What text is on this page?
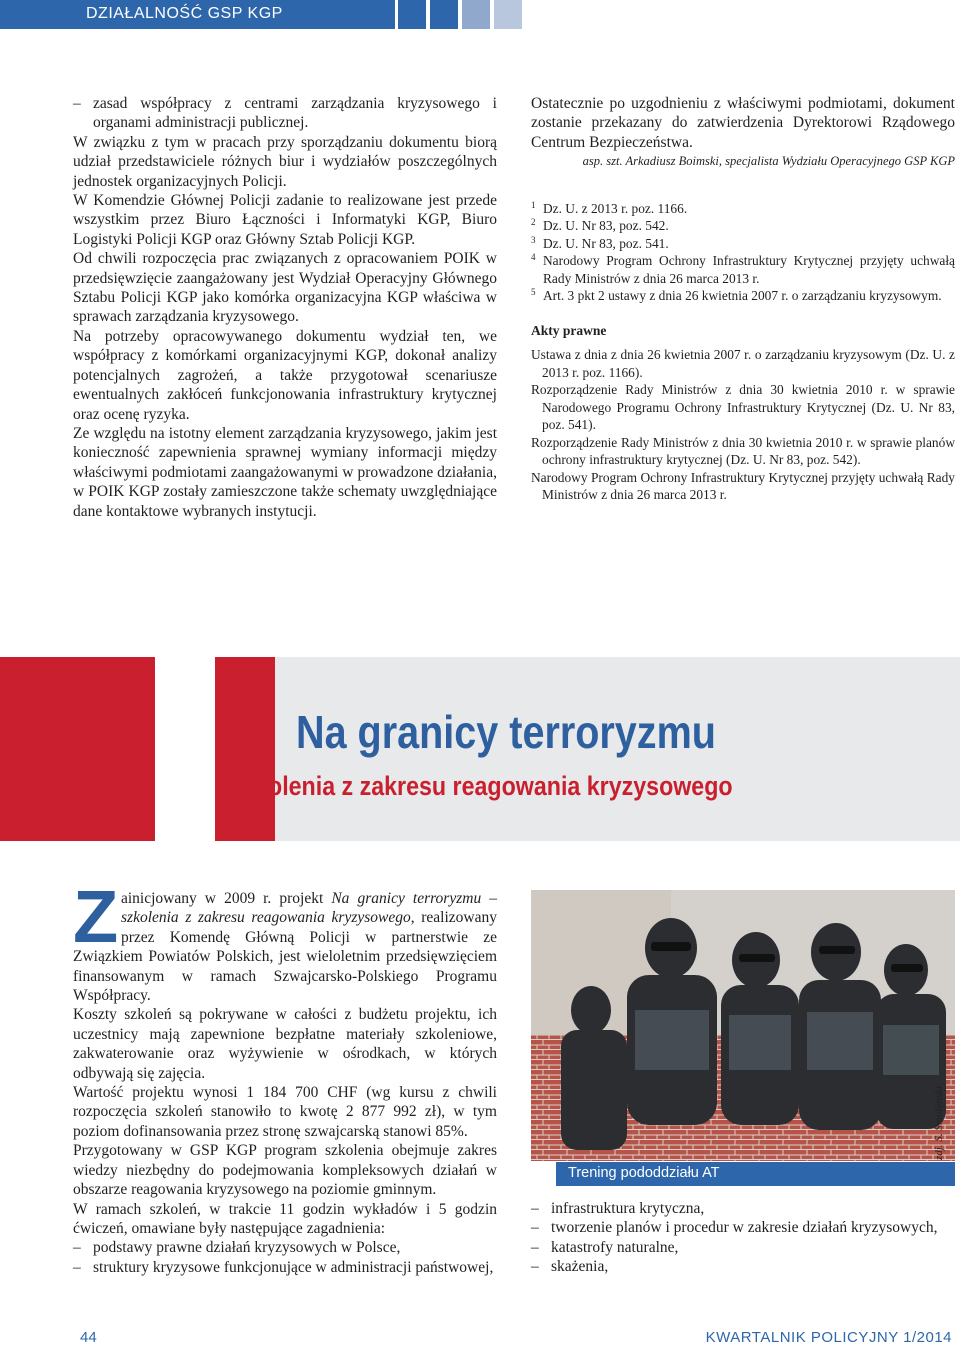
DZIAŁALNOŚĆ GSP KGP

– zasad współpracy z centrami zarządzania kryzysowego i organami administracji publicznej.

W związku z tym w pracach przy sporządzaniu dokumentu biorą udział przedstawiciele różnych biur i wydziałów poszczególnych jednostek organizacyjnych Policji.

W Komendzie Głównej Policji zadanie to realizowane jest przede wszystkim przez Biuro Łączności i Informatyki KGP, Biuro Logistyki Policji KGP oraz Główny Sztab Policji KGP.

Od chwili rozpoczęcia prac związanych z opracowaniem POIK w przedsięwzięcie zaangażowany jest Wydział Operacyjny Głównego Sztabu Policji KGP jako komórka organizacyjna KGP właściwa w sprawach zarządzania kryzysowego.

Na potrzeby opracowywanego dokumentu wydział ten, we współpracy z komórkami organizacyjnymi KGP, dokonał analizy potencjalnych zagrożeń, a także przygotował scenariusze ewentualnych zakłóceń funkcjonowania infrastruktury krytycznej oraz ocenę ryzyka.

Ze względu na istotny element zarządzania kryzysowego, jakim jest konieczność zapewnienia sprawnej wymiany informacji między właściwymi podmiotami zaangażowanymi w prowadzone działania, w POIK KGP zostały zamieszczone także schematy uwzględniające dane kontaktowe wybranych instytucji.

Ostatecznie po uzgodnieniu z właściwymi podmiotami, dokument zostanie przekazany do zatwierdzenia Dyrektorowi Rządowego Centrum Bezpieczeństwa.

asp. szt. Arkadiusz Boimski, specjalista Wydziału Operacyjnego GSP KGP

1 Dz. U. z 2013 r. poz. 1166.

2 Dz. U. Nr 83, poz. 542.

3 Dz. U. Nr 83, poz. 541.

4 Narodowy Program Ochrony Infrastruktury Krytycznej przyjęty uchwałą Rady Ministrów z dnia 26 marca 2013 r.

5 Art. 3 pkt 2 ustawy z dnia 26 kwietnia 2007 r. o zarządzaniu kryzysowym.

Akty prawne

Ustawa z dnia z dnia 26 kwietnia 2007 r. o zarządzaniu kryzysowym (Dz. U. z 2013 r. poz. 1166).

Rozporządzenie Rady Ministrów z dnia 30 kwietnia 2010 r. w sprawie Narodowego Programu Ochrony Infrastruktury Krytycznej (Dz. U. Nr 83, poz. 541).

Rozporządzenie Rady Ministrów z dnia 30 kwietnia 2010 r. w sprawie planów ochrony infrastruktury krytycznej (Dz. U. Nr 83, poz. 542).

Narodowy Program Ochrony Infrastruktury Krytycznej przyjęty uchwałą Rady Ministrów z dnia 26 marca 2013 r.

Na granicy terroryzmu
Szkolenia z zakresu reagowania kryzysowego
Z ainicjowany w 2009 r. projekt Na granicy terroryzmu – szkolenia z zakresu reagowania kryzysowego, realizowany przez Komendę Główną Policji w partnerstwie ze Związkiem Powiatów Polskich, jest wieloletnim przedsięwzięciem finansowanym w ramach Szwajcarsko-Polskiego Programu Współpracy.

Koszty szkoleń są pokrywane w całości z budżetu projektu, ich uczestnicy mają zapewnione bezpłatne materiały szkoleniowe, zakwaterowanie oraz wyżywienie w ośrodkach, w których odbywają się zajęcia.

Wartość projektu wynosi 1 184 700 CHF (wg kursu z chwili rozpoczęcia szkoleń stanowiło to kwotę 2 877 992 zł), w tym poziom dofinansowania przez stronę szwajcarską stanowi 85%.

Przygotowany w GSP KGP program szkolenia obejmuje zakres wiedzy niezbędny do podejmowania kompleksowych działań w obszarze reagowania kryzysowego na poziomie gminnym.

W ramach szkoleń, w trakcie 11 godzin wykładów i 5 godzin ćwiczeń, omawiane były następujące zagadnienia:

– podstawy prawne działań kryzysowych w Polsce,

– struktury kryzysowe funkcjonujące w administracji państwowej,

Trening pododdziału AT
zdj. S. Smoleński

– infrastruktura krytyczna,

– tworzenie planów i procedur w zakresie działań kryzysowych,

– katastrofy naturalne,

– skażenia,

44	KWARTALNIK POLICYJNY 1/2014
